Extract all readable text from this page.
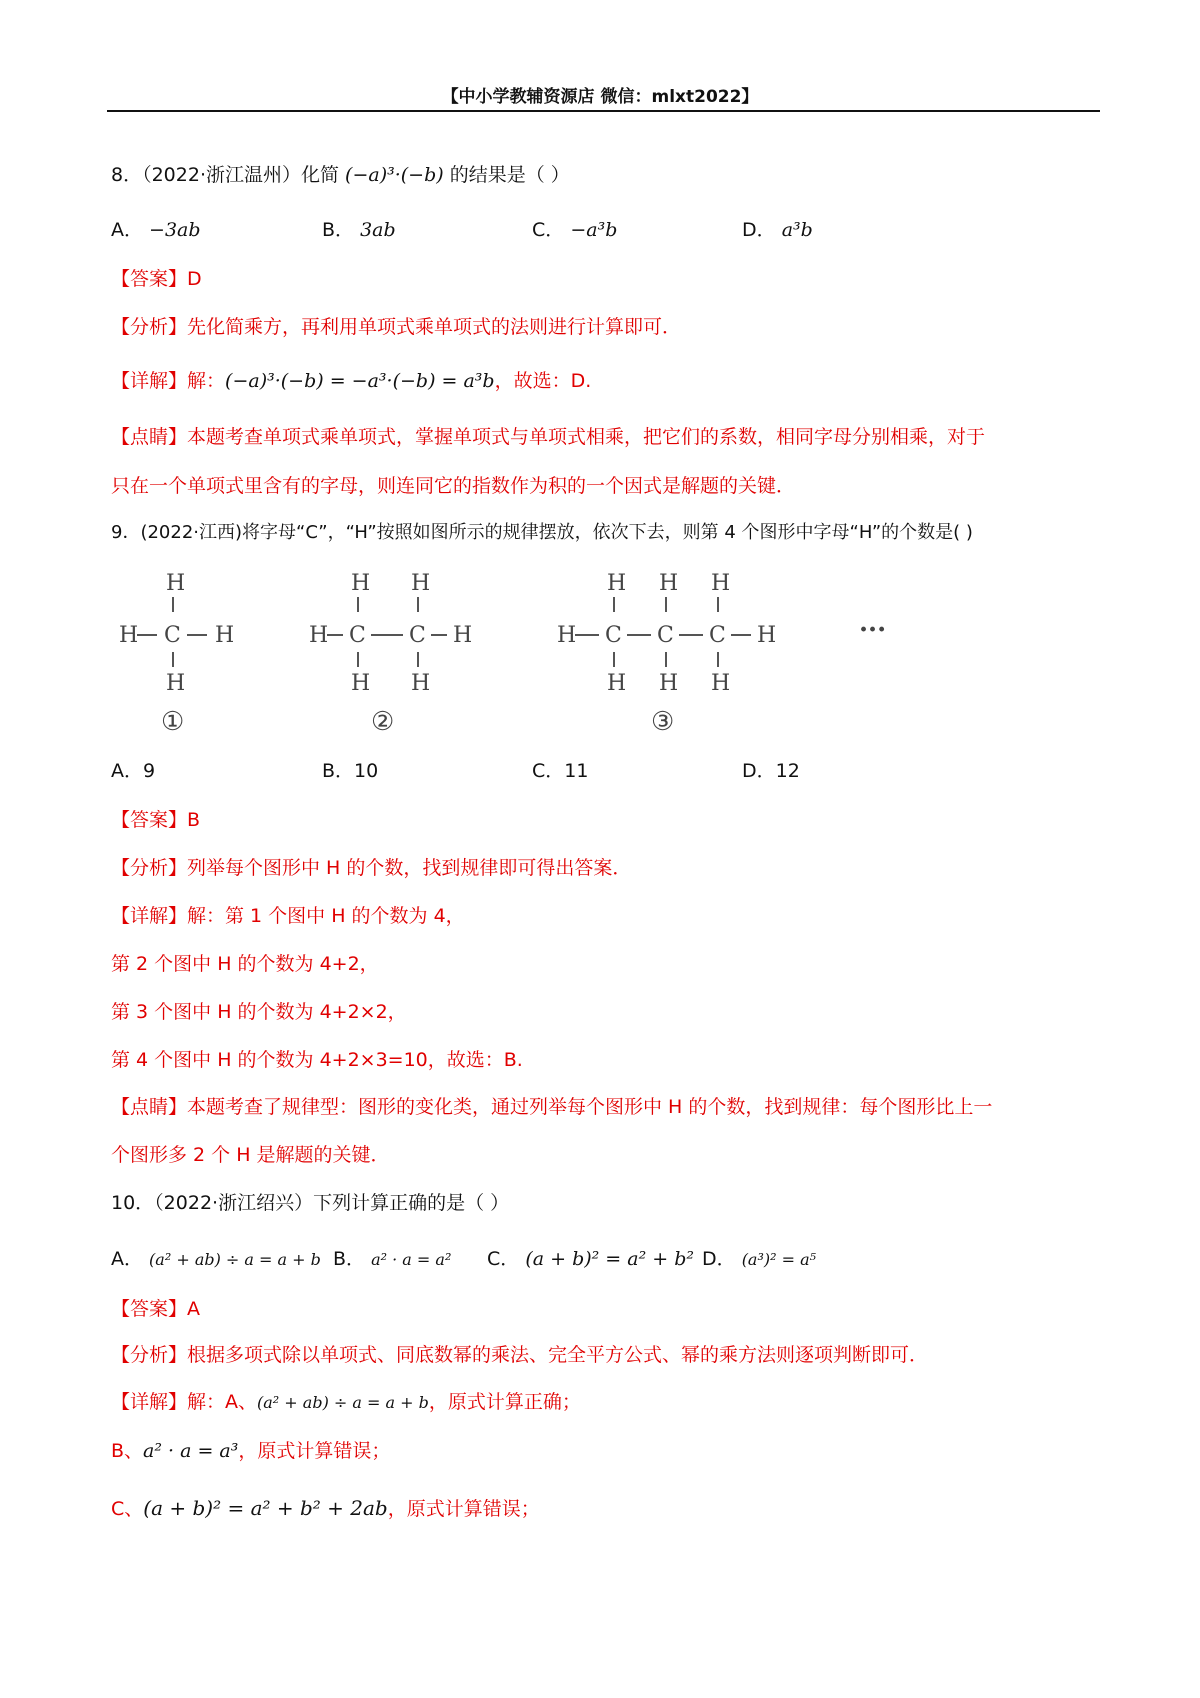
【中小学教辅资源店 微信：mlxt2022】
8．（2022·浙江温州）化简 (−a)³·(−b) 的结果是（ ）
A． −3ab	B． 3ab	C． −a³b	D． a³b
【答案】D
【分析】先化简乘方，再利用单项式乘单项式的法则进行计算即可．
【详解】解：(−a)³·(−b) = −a³·(−b) = a³b，故选：D.
【点睛】本题考查单项式乘单项式，掌握单项式与单项式相乘，把它们的系数，相同字母分别相乘，对于
只在一个单项式里含有的字母，则连同它的指数作为积的一个因式是解题的关键．
9．(2022·江西)将字母“C”，“H”按照如图所示的规律摆放，依次下去，则第 4 个图形中字母“H”的个数是( )
H
H C H
H
①
H H
H C C H
H H
②
H H H
H C C C H
H H H
③
···
A．9	B．10	C．11	D．12
【答案】B
【分析】列举每个图形中 H 的个数，找到规律即可得出答案．
【详解】解：第 1 个图中 H 的个数为 4，
第 2 个图中 H 的个数为 4+2，
第 3 个图中 H 的个数为 4+2×2，
第 4 个图中 H 的个数为 4+2×3=10，故选：B.
【点睛】本题考查了规律型：图形的变化类，通过列举每个图形中 H 的个数，找到规律：每个图形比上一
个图形多 2 个 H 是解题的关键．
10．（2022·浙江绍兴）下列计算正确的是（ ）
A． (a² + ab) ÷ a = a + b B． a² · a = a² C． (a + b)² = a² + b² D． (a³)² = a⁵
【答案】A
【分析】根据多项式除以单项式、同底数幂的乘法、完全平方公式、幂的乘方法则逐项判断即可．
【详解】解：A、(a² + ab) ÷ a = a + b，原式计算正确；
B、a² · a = a³，原式计算错误；
C、(a + b)² = a² + b² + 2ab，原式计算错误；
